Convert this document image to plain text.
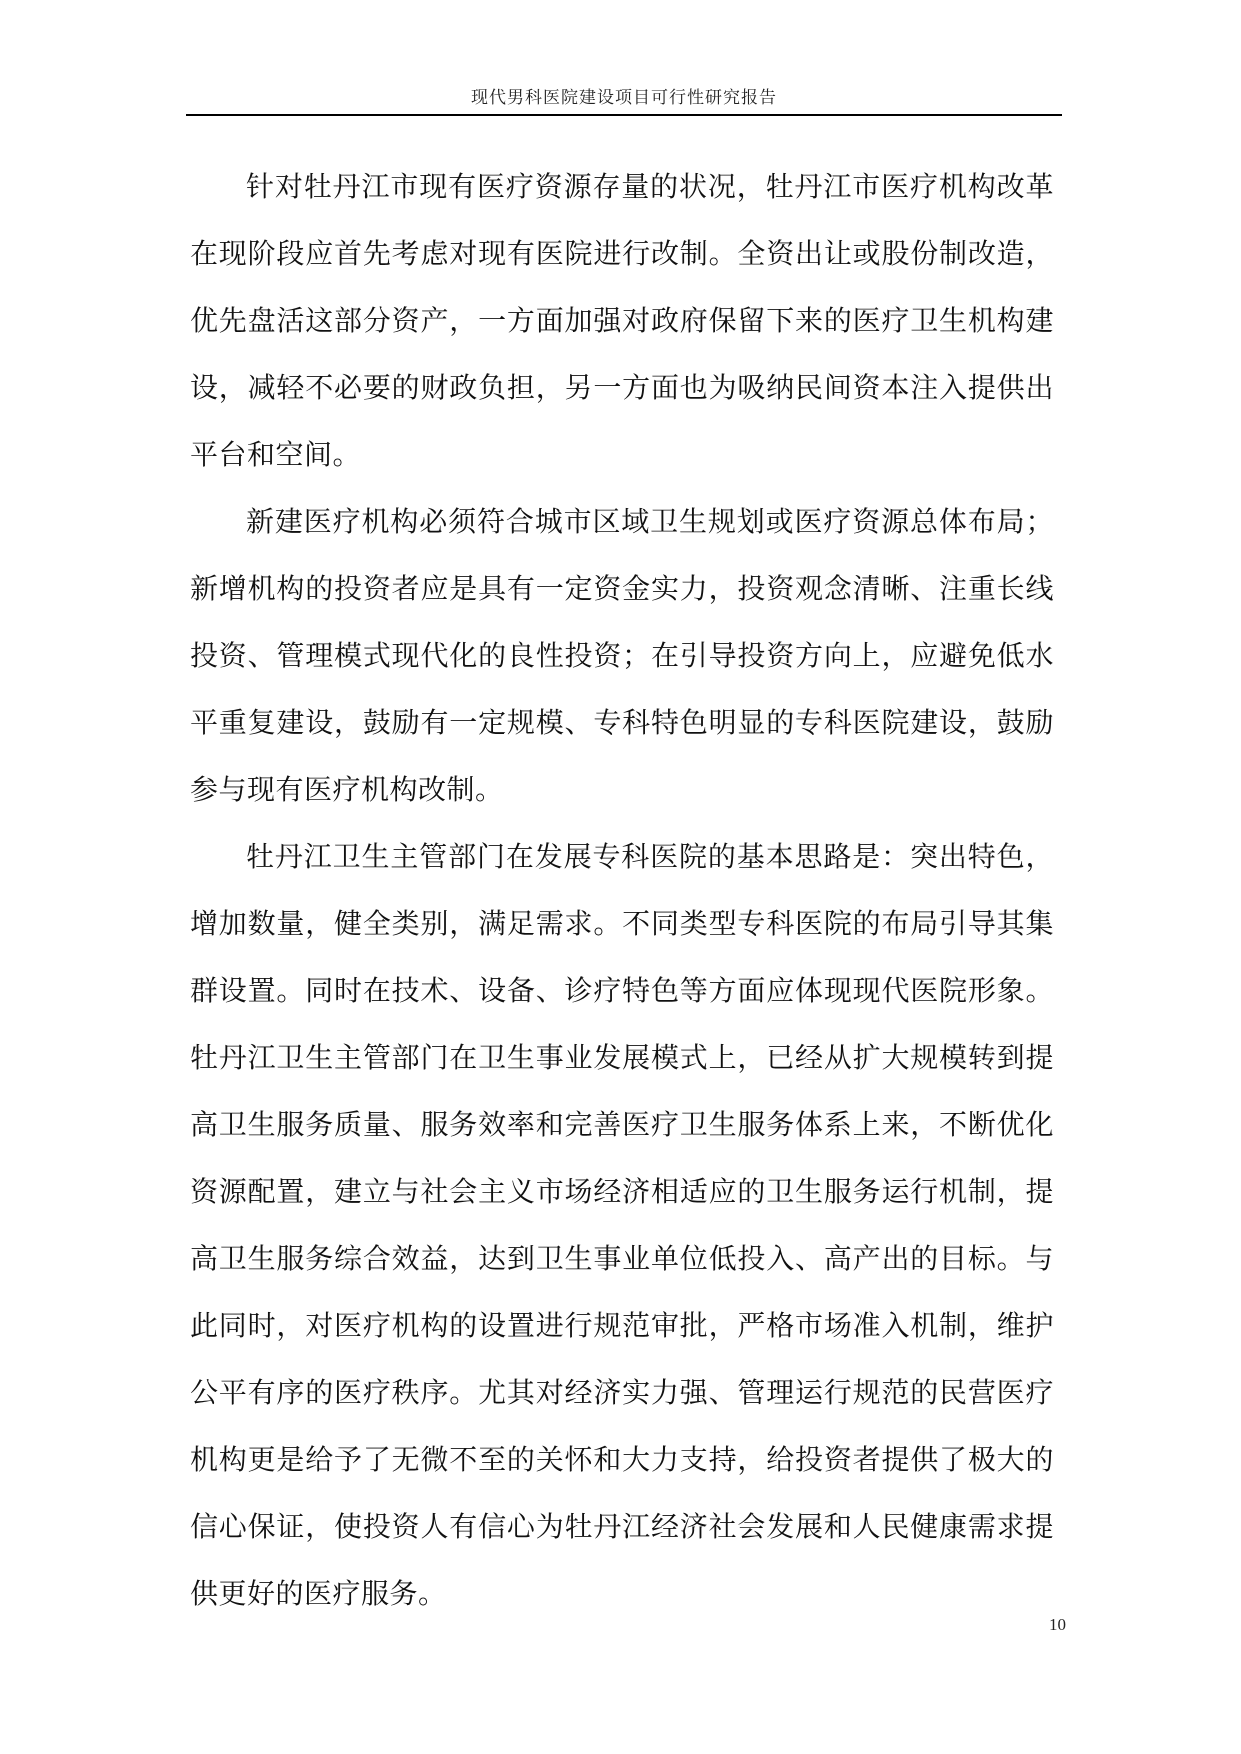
现代男科医院建设项目可行性研究报告

针对牡丹江市现有医疗资源存量的状况，牡丹江市医疗机构改革在现阶段应首先考虑对现有医院进行改制。全资出让或股份制改造，优先盘活这部分资产，一方面加强对政府保留下来的医疗卫生机构建设，减轻不必要的财政负担，另一方面也为吸纳民间资本注入提供出平台和空间。

新建医疗机构必须符合城市区域卫生规划或医疗资源总体布局；新增机构的投资者应是具有一定资金实力，投资观念清晰、注重长线投资、管理模式现代化的良性投资；在引导投资方向上，应避免低水平重复建设，鼓励有一定规模、专科特色明显的专科医院建设，鼓励参与现有医疗机构改制。

牡丹江卫生主管部门在发展专科医院的基本思路是：突出特色，增加数量，健全类别，满足需求。不同类型专科医院的布局引导其集群设置。同时在技术、设备、诊疗特色等方面应体现现代医院形象。牡丹江卫生主管部门在卫生事业发展模式上，已经从扩大规模转到提高卫生服务质量、服务效率和完善医疗卫生服务体系上来，不断优化资源配置，建立与社会主义市场经济相适应的卫生服务运行机制，提高卫生服务综合效益，达到卫生事业单位低投入、高产出的目标。与此同时，对医疗机构的设置进行规范审批，严格市场准入机制，维护公平有序的医疗秩序。尤其对经济实力强、管理运行规范的民营医疗机构更是给予了无微不至的关怀和大力支持，给投资者提供了极大的信心保证，使投资人有信心为牡丹江经济社会发展和人民健康需求提供更好的医疗服务。

10
